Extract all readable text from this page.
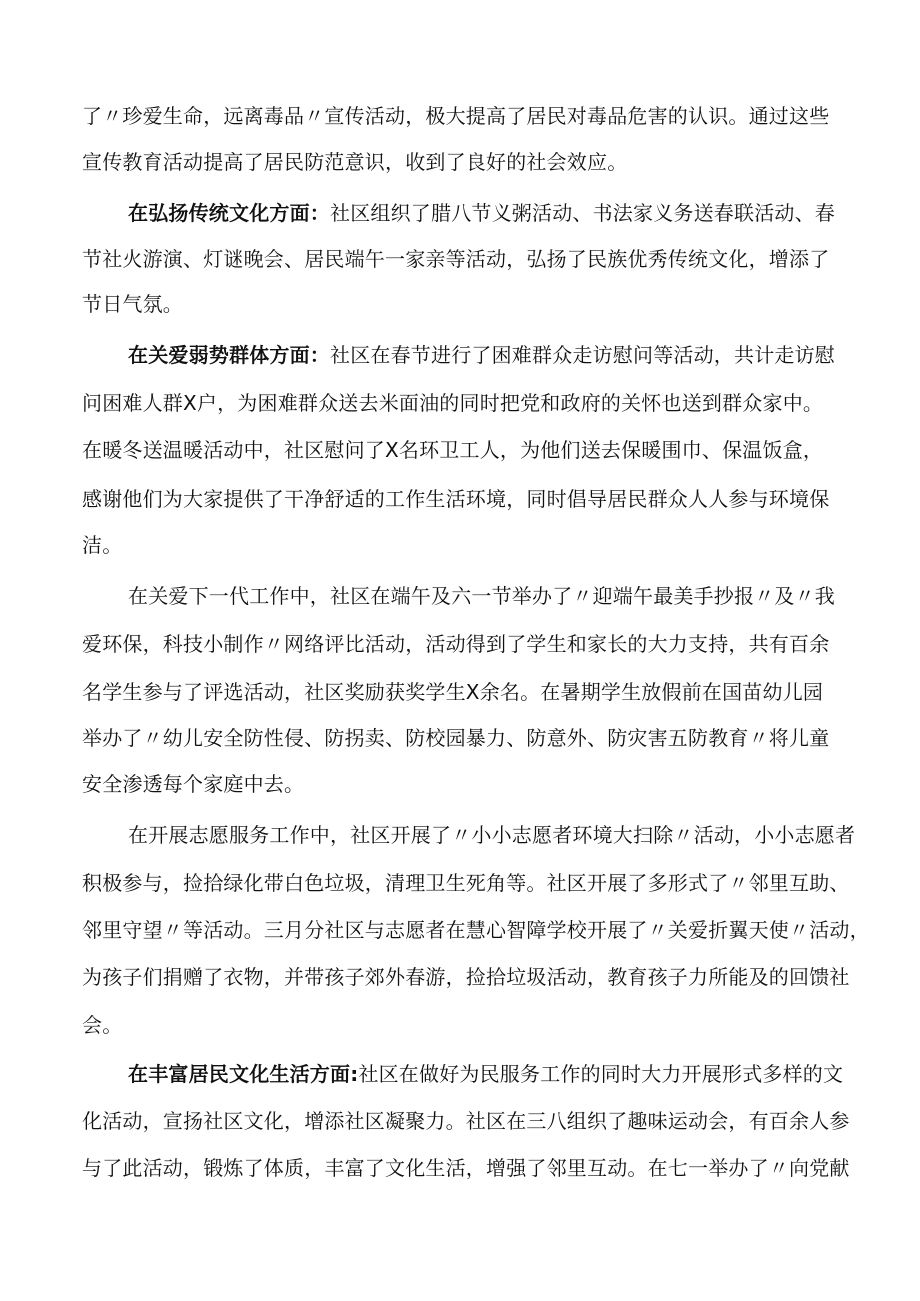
了〃珍爱生命，远离毒品〃宣传活动，极大提高了居民对毒品危害的认识。通过这些
宣传教育活动提高了居民防范意识，收到了良好的社会效应。
在弘扬传统文化方面：社区组织了腊八节义粥活动、书法家义务送春联活动、春
节社火游演、灯谜晚会、居民端午一家亲等活动，弘扬了民族优秀传统文化，增添了
节日气氛。
在关爱弱势群体方面：社区在春节进行了困难群众走访慰问等活动，共计走访慰
问困难人群X户，为困难群众送去米面油的同时把党和政府的关怀也送到群众家中。
在暖冬送温暖活动中，社区慰问了X名环卫工人，为他们送去保暖围巾、保温饭盒，
感谢他们为大家提供了干净舒适的工作生活环境，同时倡导居民群众人人参与环境保
洁。
在关爱下一代工作中，社区在端午及六一节举办了〃迎端午最美手抄报〃及〃我
爱环保，科技小制作〃网络评比活动，活动得到了学生和家长的大力支持，共有百余
名学生参与了评选活动，社区奖励获奖学生X余名。在暑期学生放假前在国苗幼儿园
举办了〃幼儿安全防性侵、防拐卖、防校园暴力、防意外、防灾害五防教育〃将儿童
安全渗透每个家庭中去。
在开展志愿服务工作中，社区开展了〃小小志愿者环境大扫除〃活动，小小志愿者
积极参与，捡拾绿化带白色垃圾，清理卫生死角等。社区开展了多形式了〃邻里互助、
邻里守望〃等活动。三月分社区与志愿者在慧心智障学校开展了〃关爱折翼天使〃活动，
为孩子们捐赠了衣物，并带孩子郊外春游，捡拾垃圾活动，教育孩子力所能及的回馈社
会。
在丰富居民文化生活方面:社区在做好为民服务工作的同时大力开展形式多样的文
化活动，宣扬社区文化，增添社区凝聚力。社区在三八组织了趣味运动会，有百余人参
与了此活动，锻炼了体质，丰富了文化生活，增强了邻里互动。在七一举办了〃向党献
